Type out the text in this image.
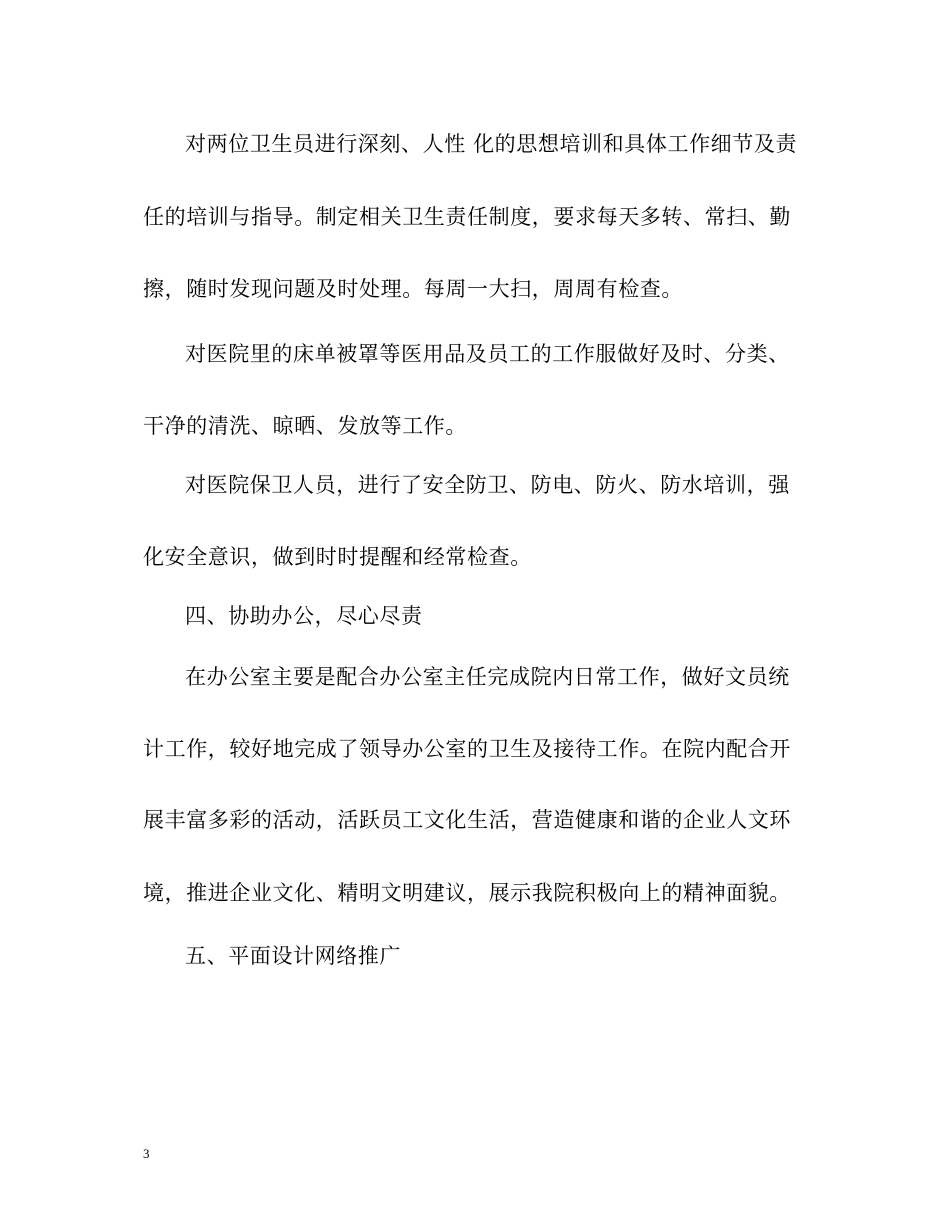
对两位卫生员进行深刻、人性 化的思想培训和具体工作细节及责
任的培训与指导。制定相关卫生责任制度，要求每天多转、常扫、勤
擦，随时发现问题及时处理。每周一大扫，周周有检查。
对医院里的床单被罩等医用品及员工的工作服做好及时、分类、
干净的清洗、晾晒、发放等工作。
对医院保卫人员，进行了安全防卫、防电、防火、防水培训，强
化安全意识，做到时时提醒和经常检查。
四、协助办公，尽心尽责
在办公室主要是配合办公室主任完成院内日常工作，做好文员统
计工作，较好地完成了领导办公室的卫生及接待工作。在院内配合开
展丰富多彩的活动，活跃员工文化生活，营造健康和谐的企业人文环
境，推进企业文化、精明文明建议，展示我院积极向上的精神面貌。
五、平面设计网络推广
3
